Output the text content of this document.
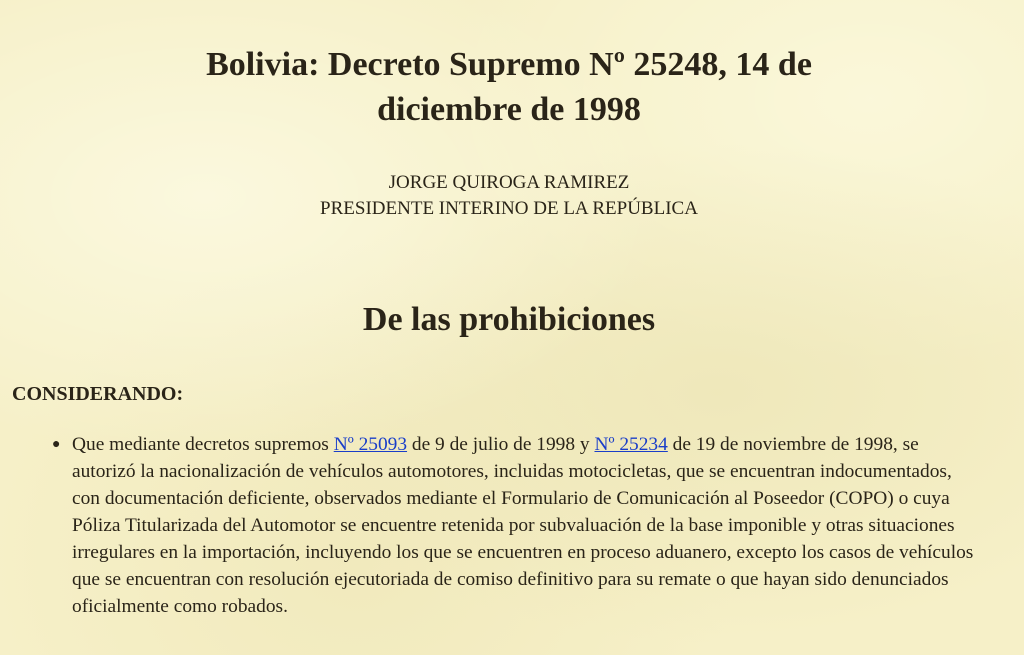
Bolivia: Decreto Supremo Nº 25248, 14 de
diciembre de 1998
JORGE QUIROGA RAMIREZ
PRESIDENTE INTERINO DE LA REPÚBLICA
De las prohibiciones
CONSIDERANDO:
● Que mediante decretos supremos Nº 25093 de 9 de julio de 1998 y Nº 25234 de 19 de noviembre de 1998, se autorizó la nacionalización de vehículos automotores, incluidas motocicletas, que se encuentran indocumentados, con documentación deficiente, observados mediante el Formulario de Comunicación al Poseedor (COPO) o cuya Póliza Titularizada del Automotor se encuentre retenida por subvaluación de la base imponible y otras situaciones irregulares en la importación, incluyendo los que se encuentren en proceso aduanero, excepto los casos de vehículos que se encuentran con resolución ejecutoriada de comiso definitivo para su remate o que hayan sido denunciados oficialmente como robados.
